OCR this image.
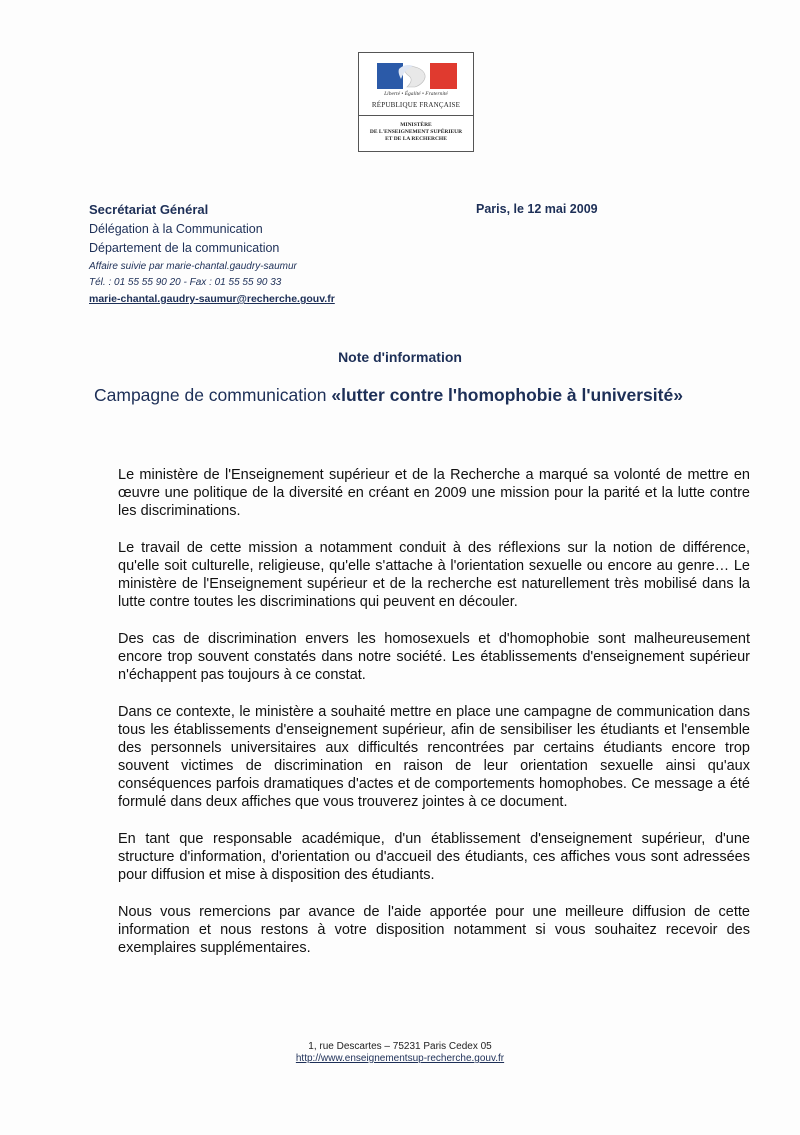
Liberté • Égalité • Fraternité
RÉPUBLIQUE FRANÇAISE
MINISTÈRE
DE L'ENSEIGNEMENT SUPÉRIEUR
ET DE LA RECHERCHE
Secrétariat Général
Délégation à la Communication
Département de la communication
Affaire suivie par marie-chantal.gaudry-saumur
Tél. : 01 55 55 90 20 - Fax : 01 55 55 90 33
marie-chantal.gaudry-saumur@recherche.gouv.fr
Paris, le 12 mai 2009
Note d'information
Campagne de communication «lutter contre l'homophobie à l'université»

Le ministère de l'Enseignement supérieur et de la Recherche a marqué sa volonté de mettre en œuvre une politique de la diversité en créant en 2009 une mission pour la parité et la lutte contre les discriminations.

Le travail de cette mission a notamment conduit à des réflexions sur la notion de différence, qu'elle soit culturelle, religieuse, qu'elle s'attache à l'orientation sexuelle ou encore au genre… Le ministère de l'Enseignement supérieur et de la recherche est naturellement très mobilisé dans la lutte contre toutes les discriminations qui peuvent en découler.

Des cas de discrimination envers les homosexuels et d'homophobie sont malheureusement encore trop souvent constatés dans notre société. Les établissements d'enseignement supérieur n'échappent pas toujours à ce constat.

Dans ce contexte, le ministère a souhaité mettre en place une campagne de communication dans tous les établissements d'enseignement supérieur, afin de sensibiliser les étudiants et l'ensemble des personnels universitaires aux difficultés rencontrées par certains étudiants encore trop souvent victimes de discrimination en raison de leur orientation sexuelle ainsi qu'aux conséquences parfois dramatiques d'actes et de comportements homophobes. Ce message a été formulé dans deux affiches que vous trouverez jointes à ce document.

En tant que responsable académique, d'un établissement d'enseignement supérieur, d'une structure d'information, d'orientation ou d'accueil des étudiants, ces affiches vous sont adressées pour diffusion et mise à disposition des étudiants.

Nous vous remercions par avance de l'aide apportée pour une meilleure diffusion de cette information et nous restons à votre disposition notamment si vous souhaitez recevoir des exemplaires supplémentaires.

1, rue Descartes – 75231 Paris Cedex 05
http://www.enseignementsup-recherche.gouv.fr
